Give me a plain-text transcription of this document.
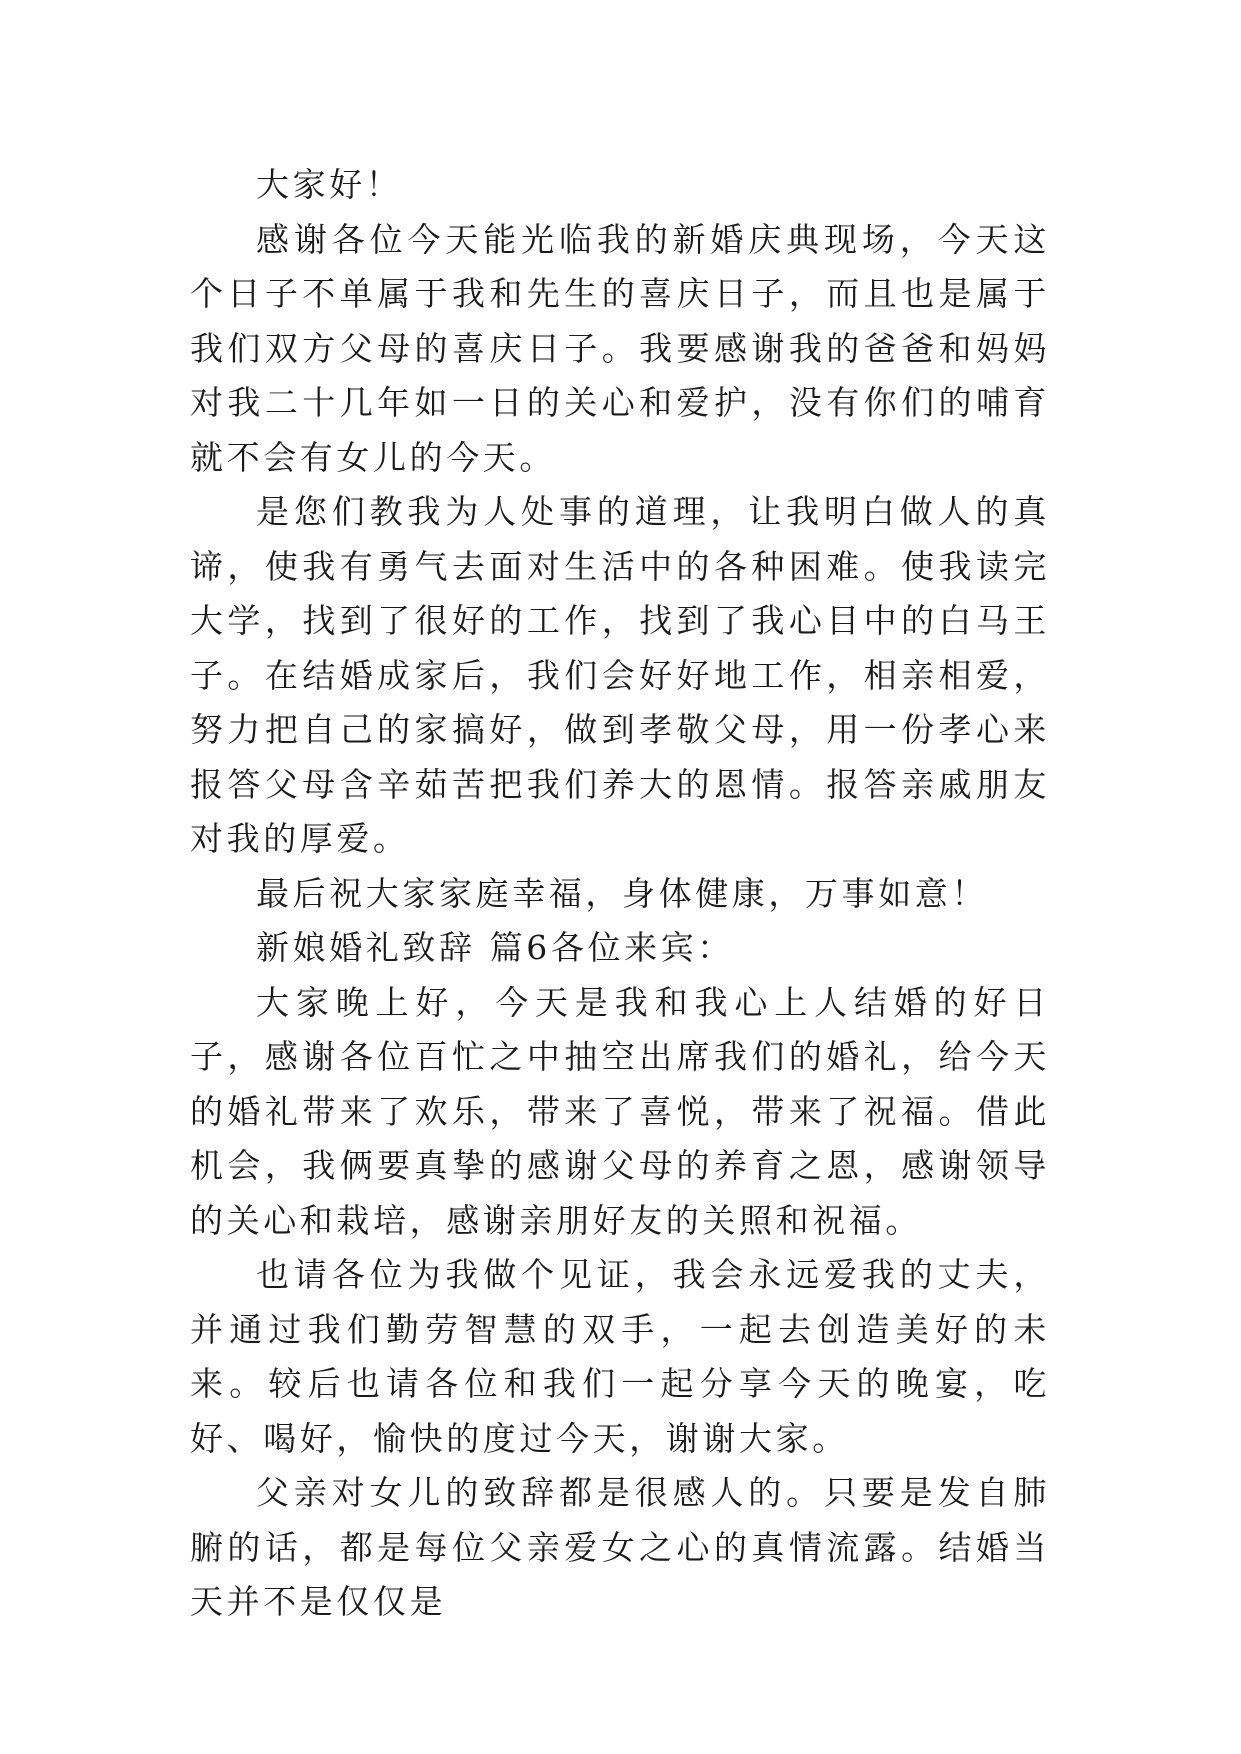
大家好！

感谢各位今天能光临我的新婚庆典现场，今天这个日子不单属于我和先生的喜庆日子，而且也是属于我们双方父母的喜庆日子。我要感谢我的爸爸和妈妈对我二十几年如一日的关心和爱护，没有你们的哺育就不会有女儿的今天。

是您们教我为人处事的道理，让我明白做人的真谛，使我有勇气去面对生活中的各种困难。使我读完大学，找到了很好的工作，找到了我心目中的白马王子。在结婚成家后，我们会好好地工作，相亲相爱，努力把自己的家搞好，做到孝敬父母，用一份孝心来报答父母含辛茹苦把我们养大的恩情。报答亲戚朋友对我的厚爱。

最后祝大家家庭幸福，身体健康，万事如意！

新娘婚礼致辞 篇6各位来宾：

大家晚上好，今天是我和我心上人结婚的好日子，感谢各位百忙之中抽空出席我们的婚礼，给今天的婚礼带来了欢乐，带来了喜悦，带来了祝福。借此机会，我俩要真挚的感谢父母的养育之恩，感谢领导的关心和栽培，感谢亲朋好友的关照和祝福。

也请各位为我做个见证，我会永远爱我的丈夫，并通过我们勤劳智慧的双手，一起去创造美好的未来。较后也请各位和我们一起分享今天的晚宴，吃好、喝好，愉快的度过今天，谢谢大家。

父亲对女儿的致辞都是很感人的。只要是发自肺腑的话，都是每位父亲爱女之心的真情流露。结婚当天并不是仅仅是
